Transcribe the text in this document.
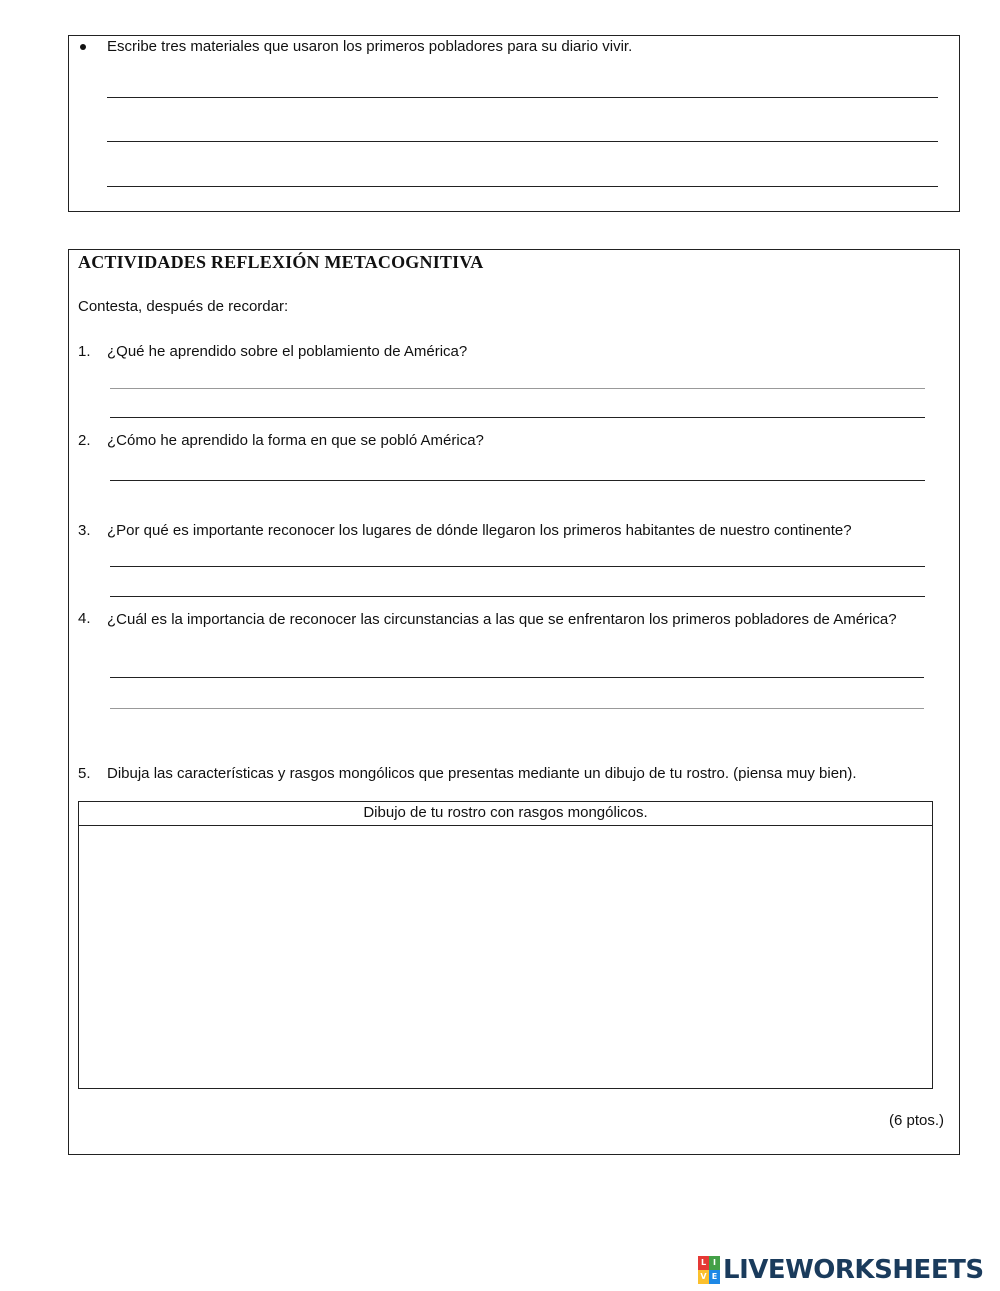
Escribe tres materiales que usaron los primeros pobladores para su diario vivir.
ACTIVIDADES REFLEXIÓN METACOGNITIVA
Contesta, después de recordar:
1. ¿Qué he aprendido sobre el poblamiento de América?
2. ¿Cómo he aprendido la forma en que se pobló América?
3. ¿Por qué es importante reconocer los lugares de dónde llegaron los primeros habitantes de nuestro continente?
4. ¿Cuál es la importancia de reconocer las circunstancias a las que se enfrentaron los primeros pobladores de América?
5. Dibuja las características y rasgos mongólicos que presentas mediante un dibujo de tu rostro. (piensa muy bien).
Dibujo de tu rostro con rasgos mongólicos.
(6 ptos.)
L I
V E LIVEWORKSHEETS
